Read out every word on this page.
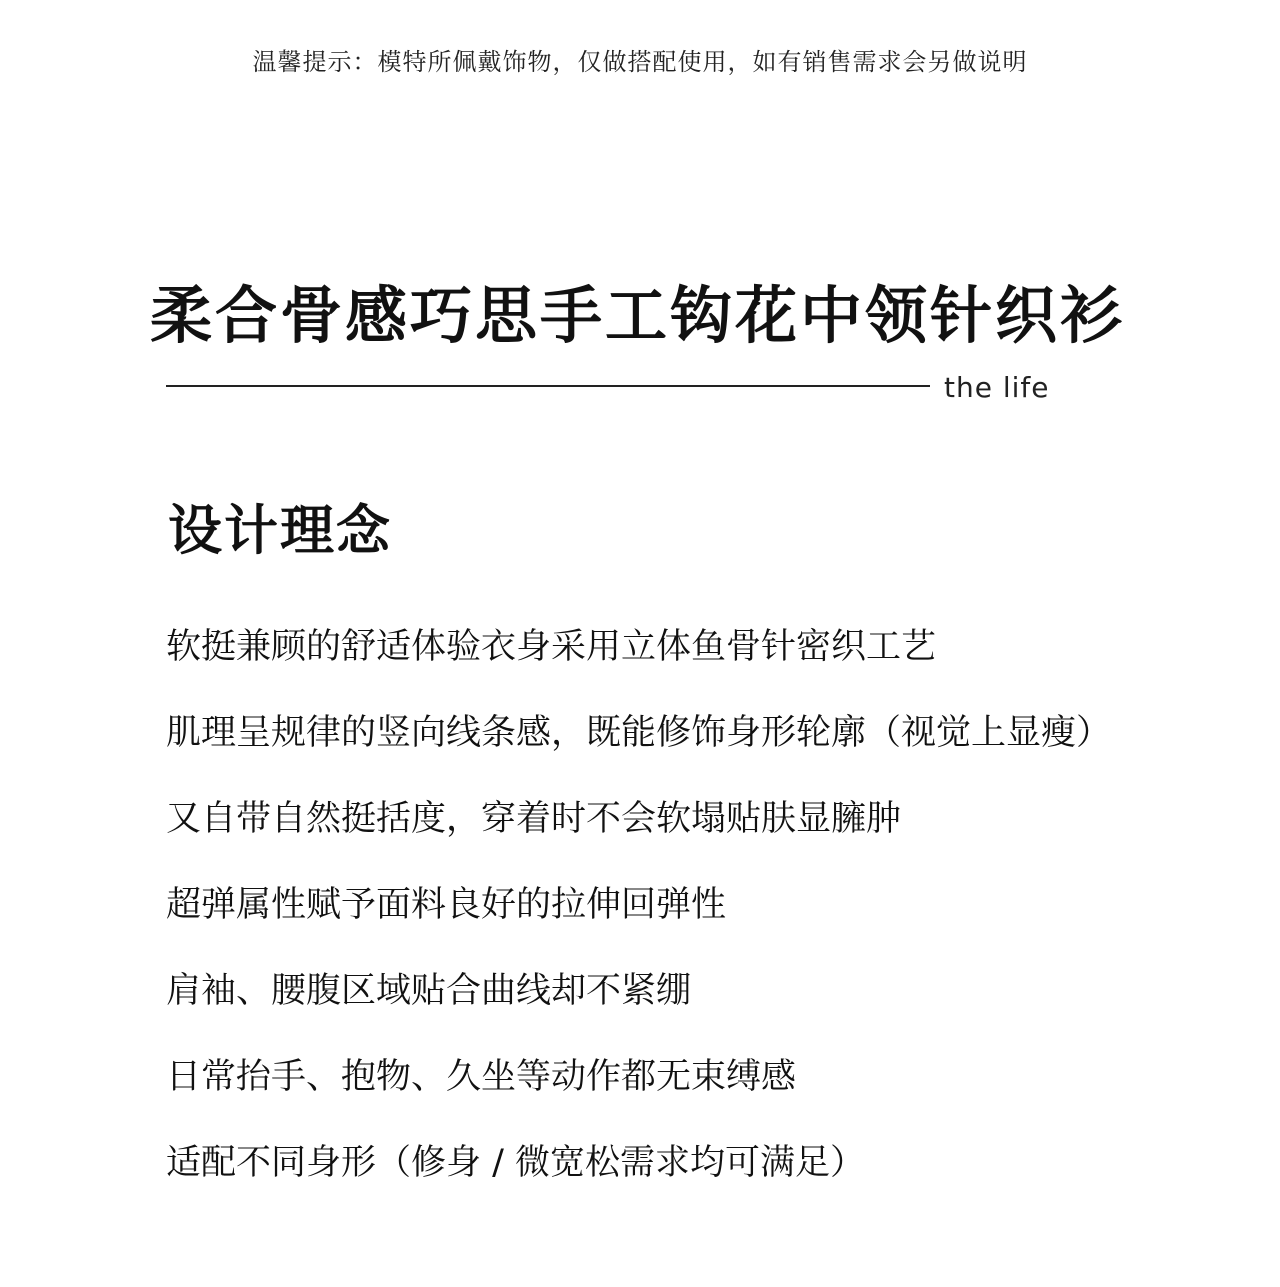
温馨提示：模特所佩戴饰物，仅做搭配使用，如有销售需求会另做说明
柔合骨感巧思手工钩花中领针织衫
the life
设计理念
软挺兼顾的舒适体验衣身采用立体鱼骨针密织工艺
肌理呈规律的竖向线条感，既能修饰身形轮廓（视觉上显瘦）
又自带自然挺括度，穿着时不会软塌贴肤显臃肿
超弹属性赋予面料良好的拉伸回弹性
肩袖、腰腹区域贴合曲线却不紧绷
日常抬手、抱物、久坐等动作都无束缚感
适配不同身形（修身 / 微宽松需求均可满足）
